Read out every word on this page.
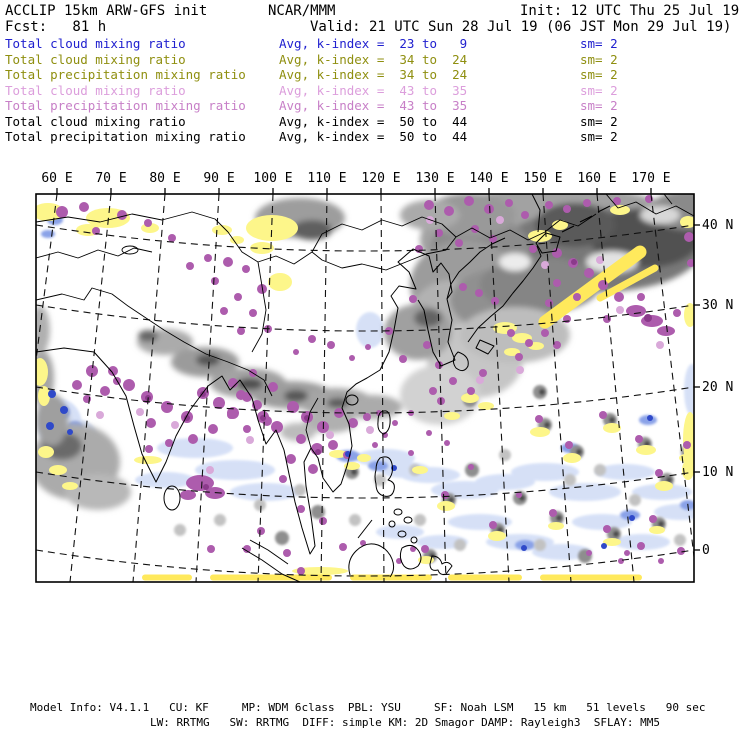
ACCLIP 15km ARW-GFS init	NCAR/MMM	Init: 12 UTC Thu 25 Jul 19
Fcst:   81 h	Valid: 21 UTC Sun 28 Jul 19 (06 JST Mon 29 Jul 19)
Total cloud mixing ratio	Avg, k-index =  23 to   9	sm= 2
Total cloud mixing ratio	Avg, k-index =  34 to  24	sm= 2
Total precipitation mixing ratio	Avg, k-index =  34 to  24	sm= 2
Total cloud mixing ratio	Avg, k-index =  43 to  35	sm= 2
Total precipitation mixing ratio	Avg, k-index =  43 to  35	sm= 2
Total cloud mixing ratio	Avg, k-index =  50 to  44	sm= 2
Total precipitation mixing ratio	Avg, k-index =  50 to  44	sm= 2
60 E 70 E 80 E 90 E 100 E 110 E 120 E 130 E 140 E 150 E 160 E 170 E
40 N
30 N
20 N
10 N
0
Model Info: V4.1.1   CU: KF     MP: WDM 6class  PBL: YSU     SF: Noah LSM   15 km   51 levels   90 sec
LW: RRTMG   SW: RRTMG  DIFF: simple KM: 2D Smagor DAMP: Rayleigh3  SFLAY: MM5
